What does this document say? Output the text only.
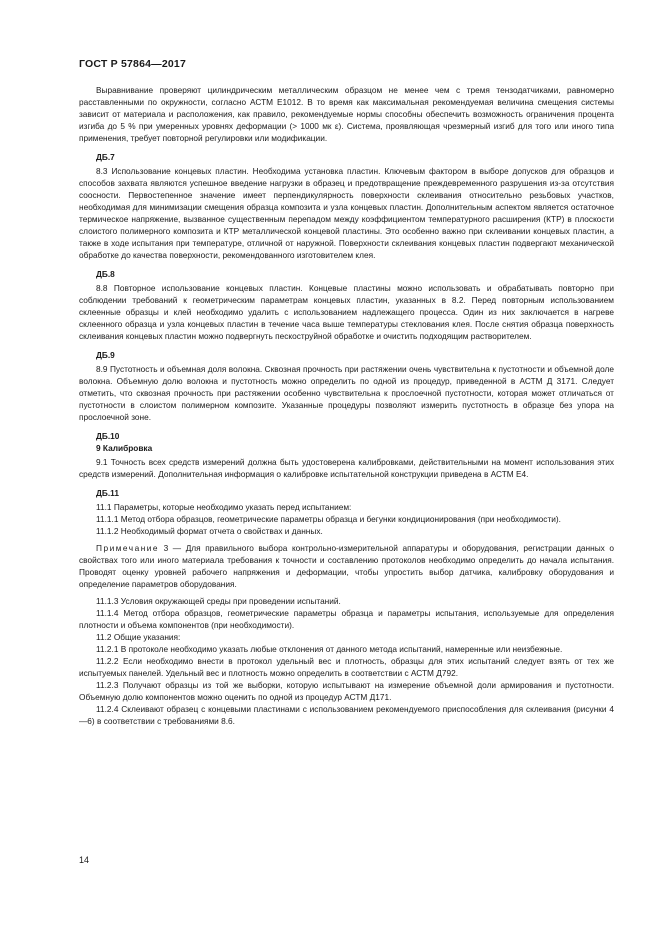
ГОСТ Р 57864—2017

Выравнивание проверяют цилиндрическим металлическим образцом не менее чем с тремя тензодатчиками, равномерно расставленными по окружности, согласно АСТМ Е1012. В то время как максимальная рекомендуемая величина смещения системы зависит от материала и расположения, как правило, рекомендуемые нормы способны обеспечить возможность ограничения процента изгиба до 5 % при умеренных уровнях деформации (> 1000 мк ε). Система, проявляющая чрезмерный изгиб для того или иного типа применения, требует повторной регулировки или модификации.

ДБ.7

8.3 Использование концевых пластин. Необходима установка пластин. Ключевым фактором в выборе допусков для образцов и способов захвата являются успешное введение нагрузки в образец и предотвращение преждевременного разрушения из-за отсутствия соосности. Первостепенное значение имеет перпендикулярность поверхности склеивания относительно резьбовых участков, необходимая для минимизации смещения образца композита и узла концевых пластин. Дополнительным аспектом является остаточное термическое напряжение, вызванное существенным перепадом между коэффициентом температурного расширения (КТР) в плоскости слоистого полимерного композита и КТР металлической концевой пластины. Это особенно важно при склеивании концевых пластин, а также в ходе испытания при температуре, отличной от наружной. Поверхности склеивания концевых пластин подвергают механической обработке до качества поверхности, рекомендованного изготовителем клея.

ДБ.8

8.8 Повторное использование концевых пластин. Концевые пластины можно использовать и обрабатывать повторно при соблюдении требований к геометрическим параметрам концевых пластин, указанных в 8.2. Перед повторным использованием склеенные образцы и клей необходимо удалить с использованием надлежащего процесса. Один из них заключается в нагреве склеенного образца и узла концевых пластин в течение часа выше температуры стеклования клея. После снятия образца поверхность склеивания концевых пластин можно подвергнуть пескоструйной обработке и очистить подходящим растворителем.

ДБ.9

8.9 Пустотность и объемная доля волокна. Сквозная прочность при растяжении очень чувствительна к пустотности и объемной доле волокна. Объемную долю волокна и пустотность можно определить по одной из процедур, приведенной в АСТМ Д 3171. Следует отметить, что сквозная прочность при растяжении особенно чувствительна к прослоечной пустотности, которая может отличаться от пустотности в слоистом полимерном композите. Указанные процедуры позволяют измерить пустотность в образце без упора на прослоечной зоне.

ДБ.10
9 Калибровка

9.1 Точность всех средств измерений должна быть удостоверена калибровками, действительными на момент использования этих средств измерений. Дополнительная информация о калибровке испытательной конструкции приведена в АСТМ Е4.

ДБ.11

11.1 Параметры, которые необходимо указать перед испытанием:

11.1.1 Метод отбора образцов, геометрические параметры образца и бегунки кондиционирования (при необходимости).

11.1.2 Необходимый формат отчета о свойствах и данных.

Примечание 3 — Для правильного выбора контрольно-измерительной аппаратуры и оборудования, регистрации данных о свойствах того или иного материала требования к точности и составлению протоколов необходимо определить до начала испытания. Проводят оценку уровней рабочего напряжения и деформации, чтобы упростить выбор датчика, калибровку оборудования и определение параметров оборудования.

11.1.3 Условия окружающей среды при проведении испытаний.

11.1.4 Метод отбора образцов, геометрические параметры образца и параметры испытания, используемые для определения плотности и объема компонентов (при необходимости).

11.2 Общие указания:

11.2.1 В протоколе необходимо указать любые отклонения от данного метода испытаний, намеренные или неизбежные.

11.2.2 Если необходимо внести в протокол удельный вес и плотность, образцы для этих испытаний следует взять от тех же испытуемых панелей. Удельный вес и плотность можно определить в соответствии с АСТМ Д792.

11.2.3 Получают образцы из той же выборки, которую испытывают на измерение объемной доли армирования и пустотности. Объемную долю компонентов можно оценить по одной из процедур АСТМ Д171.

11.2.4 Склеивают образец с концевыми пластинами с использованием рекомендуемого приспособления для склеивания (рисунки 4—6) в соответствии с требованиями 8.6.

14
